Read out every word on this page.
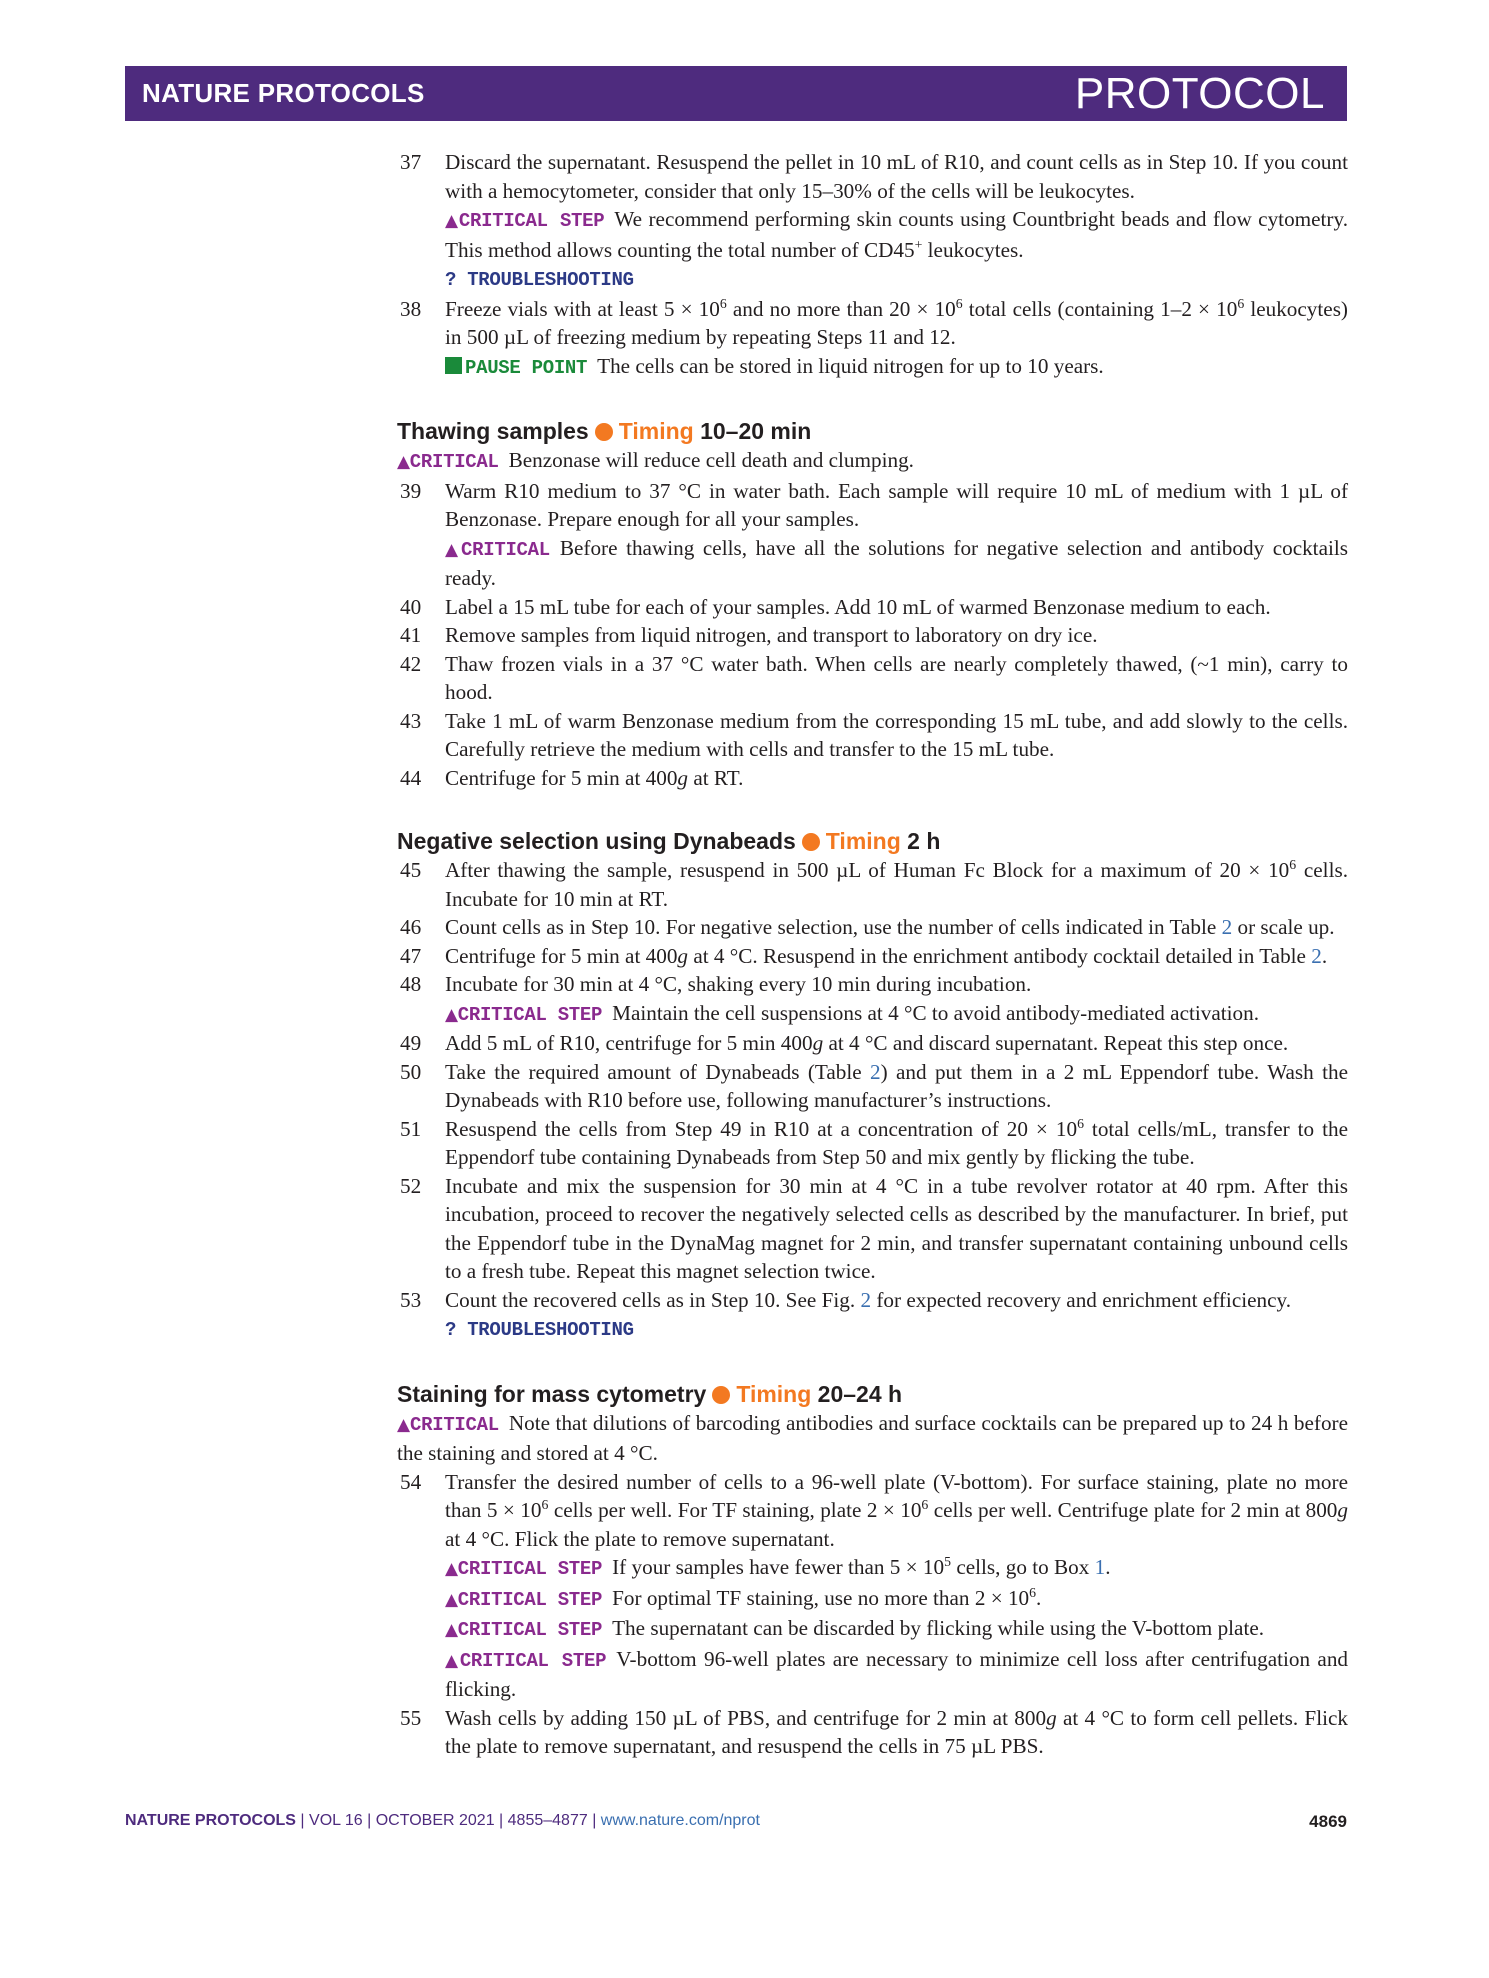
NATURE PROTOCOLS	PROTOCOL
37 Discard the supernatant. Resuspend the pellet in 10 mL of R10, and count cells as in Step 10. If you count with a hemocytometer, consider that only 15–30% of the cells will be leukocytes.
▲CRITICAL STEP We recommend performing skin counts using Countbright beads and flow cytometry. This method allows counting the total number of CD45+ leukocytes.
? TROUBLESHOOTING
38 Freeze vials with at least $5 \times 10^6$ and no more than $20 \times 10^6$ total cells (containing $1-2 \times 10^6$ leukocytes) in 500 µL of freezing medium by repeating Steps 11 and 12.
PAUSE POINT The cells can be stored in liquid nitrogen for up to 10 years.
Thawing samples Timing 10–20 min
▲CRITICAL Benzonase will reduce cell death and clumping.
39 Warm R10 medium to 37 °C in water bath. Each sample will require 10 mL of medium with 1 µL of Benzonase. Prepare enough for all your samples.
▲CRITICAL Before thawing cells, have all the solutions for negative selection and antibody cocktails ready.
40 Label a 15 mL tube for each of your samples. Add 10 mL of warmed Benzonase medium to each.
41 Remove samples from liquid nitrogen, and transport to laboratory on dry ice.
42 Thaw frozen vials in a 37 °C water bath. When cells are nearly completely thawed, (~1 min), carry to hood.
43 Take 1 mL of warm Benzonase medium from the corresponding 15 mL tube, and add slowly to the cells. Carefully retrieve the medium with cells and transfer to the 15 mL tube.
44 Centrifuge for 5 min at 400g at RT.
Negative selection using Dynabeads Timing 2 h
45 After thawing the sample, resuspend in 500 µL of Human Fc Block for a maximum of $20 \times 10^6$ cells. Incubate for 10 min at RT.
46 Count cells as in Step 10. For negative selection, use the number of cells indicated in Table 2 or scale up.
47 Centrifuge for 5 min at 400g at 4 °C. Resuspend in the enrichment antibody cocktail detailed in Table 2.
48 Incubate for 30 min at 4 °C, shaking every 10 min during incubation.
▲CRITICAL STEP Maintain the cell suspensions at 4 °C to avoid antibody-mediated activation.
49 Add 5 mL of R10, centrifuge for 5 min 400g at 4 °C and discard supernatant. Repeat this step once.
50 Take the required amount of Dynabeads (Table 2) and put them in a 2 mL Eppendorf tube. Wash the Dynabeads with R10 before use, following manufacturer’s instructions.
51 Resuspend the cells from Step 49 in R10 at a concentration of $20 \times 10^6$ total cells/mL, transfer to the Eppendorf tube containing Dynabeads from Step 50 and mix gently by flicking the tube.
52 Incubate and mix the suspension for 30 min at 4 °C in a tube revolver rotator at 40 rpm. After this incubation, proceed to recover the negatively selected cells as described by the manufacturer. In brief, put the Eppendorf tube in the DynaMag magnet for 2 min, and transfer supernatant containing unbound cells to a fresh tube. Repeat this magnet selection twice.
53 Count the recovered cells as in Step 10. See Fig. 2 for expected recovery and enrichment efficiency.
? TROUBLESHOOTING
Staining for mass cytometry Timing 20–24 h
▲CRITICAL Note that dilutions of barcoding antibodies and surface cocktails can be prepared up to 24 h before the staining and stored at 4 °C.
54 Transfer the desired number of cells to a 96-well plate (V-bottom). For surface staining, plate no more than $5 \times 10^6$ cells per well. For TF staining, plate $2 \times 10^6$ cells per well. Centrifuge plate for 2 min at 800g at 4 °C. Flick the plate to remove supernatant.
▲CRITICAL STEP If your samples have fewer than $5 \times 10^5$ cells, go to Box 1.
▲CRITICAL STEP For optimal TF staining, use no more than $2 \times 10^6$.
▲CRITICAL STEP The supernatant can be discarded by flicking while using the V-bottom plate.
▲CRITICAL STEP V-bottom 96-well plates are necessary to minimize cell loss after centrifugation and flicking.
55 Wash cells by adding 150 µL of PBS, and centrifuge for 2 min at 800g at 4 °C to form cell pellets. Flick the plate to remove supernatant, and resuspend the cells in 75 µL PBS.
NATURE PROTOCOLS | VOL 16 | OCTOBER 2021 | 4855–4877 | www.nature.com/nprot	4869
